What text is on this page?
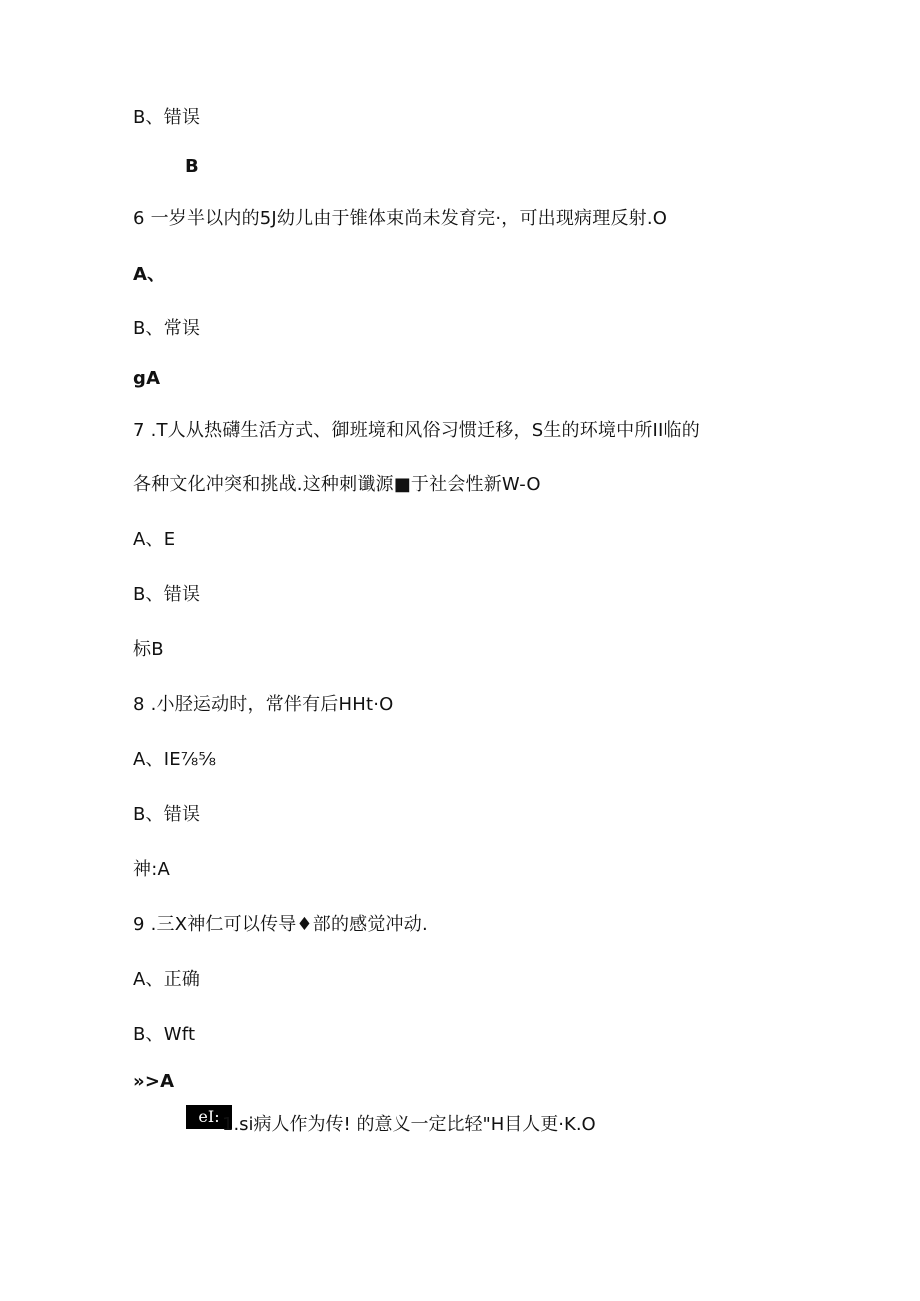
B、错误
B
6 一岁半以内的5J幼儿由于锥体束尚未发育完·，可出现病理反射.O
A、
B、常误
gA
7 .T人从热礴生活方式、御班境和风俗习惯迁移，S生的环境中所II临的
各种文化冲突和挑战.这种刺谶源■于社会性新W-O
A、E
B、错误
标B
8 .小胫运动时，常伴有后HHt·O
A、IE⅞⅝
B、错误
神:A
9 .三X神仁可以传导♦部的感觉冲动.
A、正确
B、Wft
»>A
eI: 1.si病人作为传! 的意义一定比轻"H目人更·K.O
